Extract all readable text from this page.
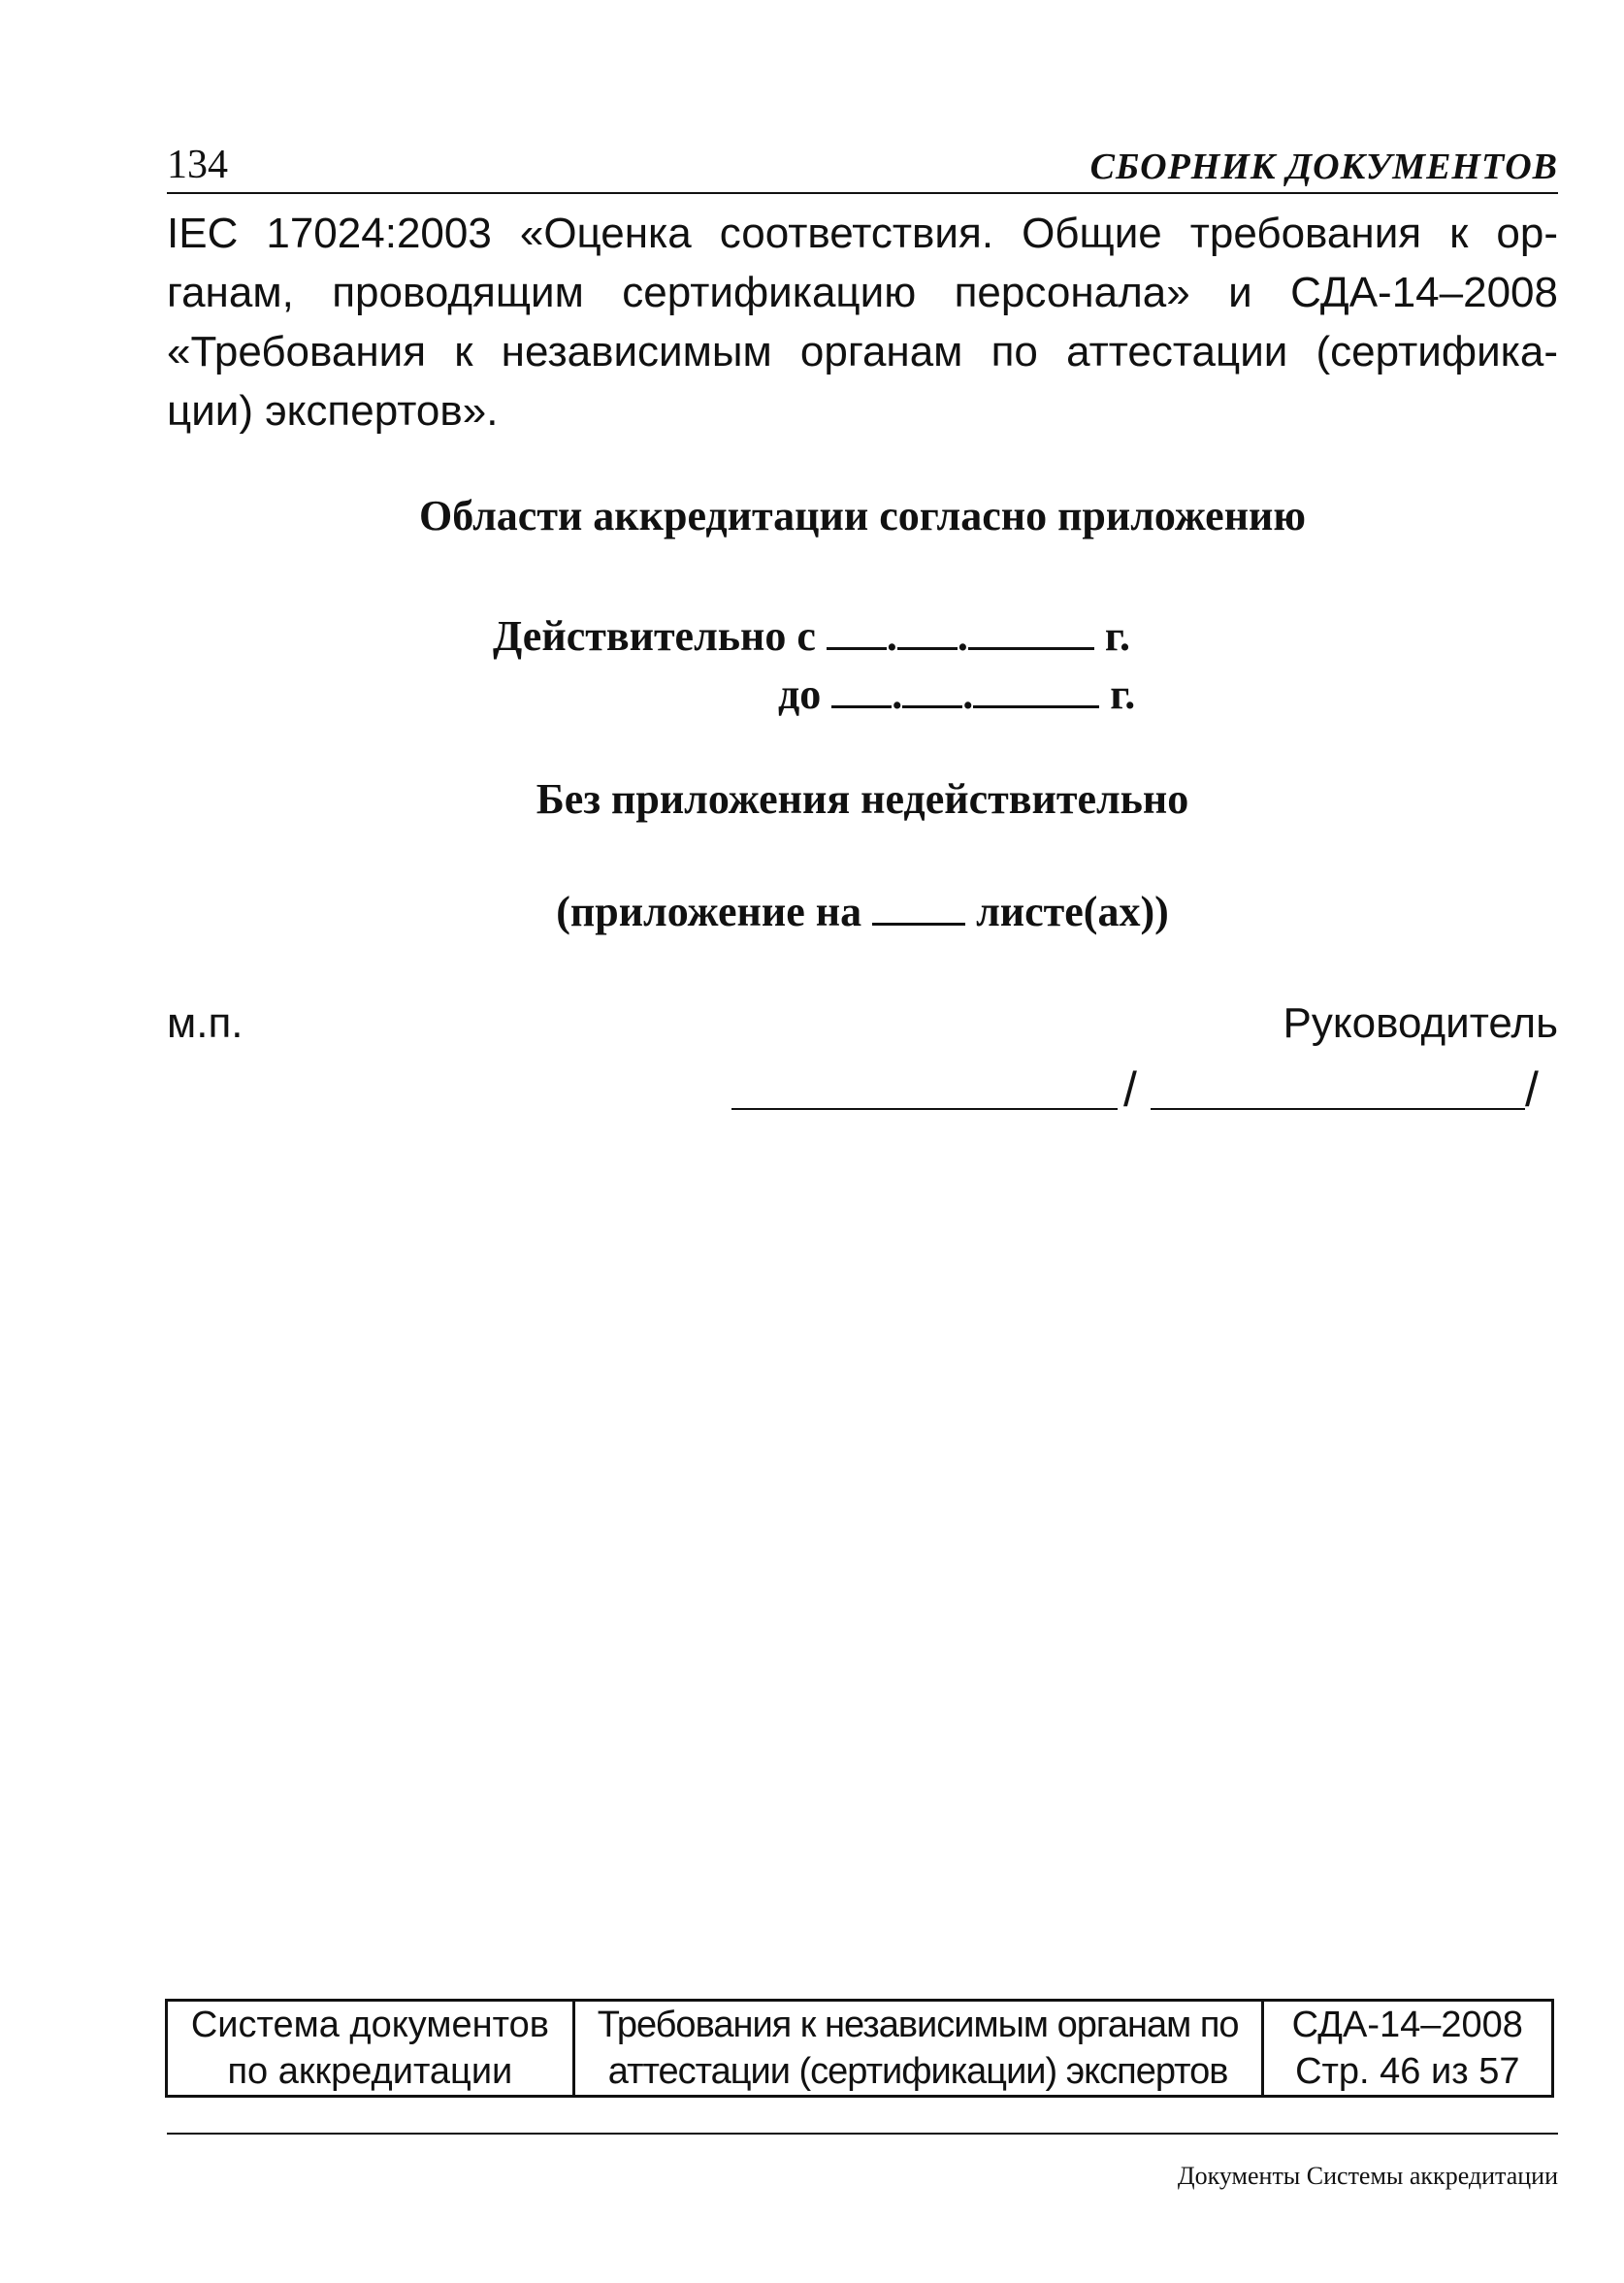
134	СБОРНИК ДОКУМЕНТОВ
IEC 17024:2003 «Оценка соответствия. Общие требования к ор-
ганам, проводящим сертификацию персонала» и СДА-14–2008
«Требования к независимым органам по аттестации (сертифика-
ции) экспертов».
Области аккредитации согласно приложению
Действительно с . .	г.
до . .	г.
Без приложения недействительно
(приложение на	листе(ах))
м.п.	Руководитель
/	/
Система документов
по аккредитации

Требования к независимым органам по
аттестации (сертификации) экспертов

СДА-14–2008
Стр. 46 из 57
Документы Системы аккредитации
